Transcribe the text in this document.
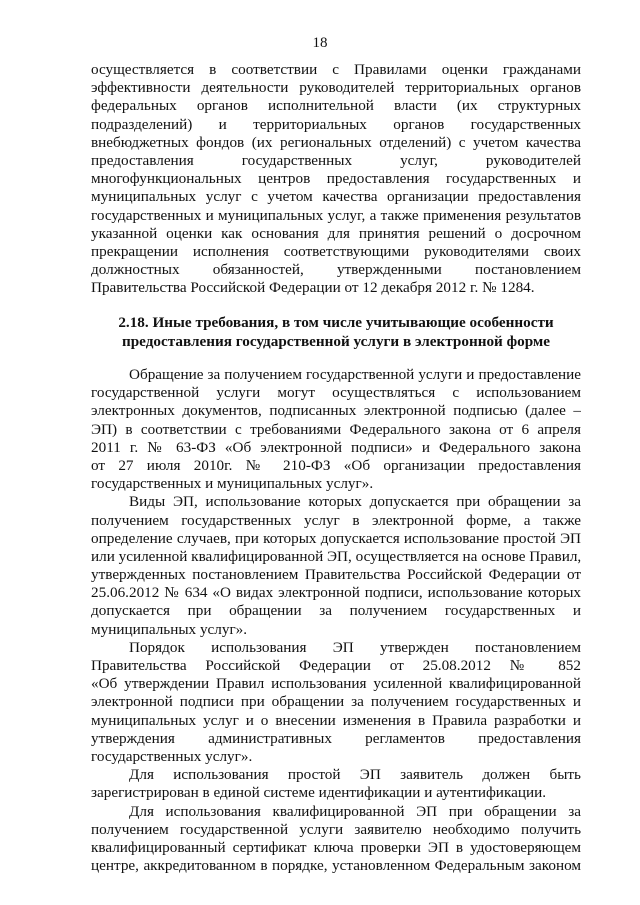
18
осуществляется в соответствии с Правилами оценки гражданами
эффективности деятельности руководителей территориальных органов
федеральных органов исполнительной власти (их структурных
подразделений) и территориальных органов государственных
внебюджетных фондов (их региональных отделений) с учетом качества
предоставления государственных услуг, руководителей
многофункциональных центров предоставления государственных и
муниципальных услуг с учетом качества организации предоставления
государственных и муниципальных услуг, а также применения результатов
указанной оценки как основания для принятия решений о досрочном
прекращении исполнения соответствующими руководителями своих
должностных обязанностей, утвержденными постановлением
Правительства Российской Федерации от 12 декабря 2012 г. № 1284.
2.18. Иные требования, в том числе учитывающие особенности
предоставления государственной услуги в электронной форме
Обращение за получением государственной услуги и предоставление
государственной услуги могут осуществляться с использованием
электронных документов, подписанных электронной подписью (далее –
ЭП) в соответствии с требованиями Федерального закона от 6 апреля
2011 г. № 63-ФЗ «Об электронной подписи» и Федерального закона
от 27 июля 2010г. № 210-ФЗ «Об организации предоставления
государственных и муниципальных услуг».
Виды ЭП, использование которых допускается при обращении за
получением государственных услуг в электронной форме, а также
определение случаев, при которых допускается использование простой ЭП
или усиленной квалифицированной ЭП, осуществляется на основе Правил,
утвержденных постановлением Правительства Российской Федерации от
25.06.2012 № 634 «О видах электронной подписи, использование которых
допускается при обращении за получением государственных и
муниципальных услуг».
Порядок использования ЭП утвержден постановлением
Правительства Российской Федерации от 25.08.2012 № 852
«Об утверждении Правил использования усиленной квалифицированной
электронной подписи при обращении за получением государственных и
муниципальных услуг и о внесении изменения в Правила разработки и
утверждения административных регламентов предоставления
государственных услуг».
Для использования простой ЭП заявитель должен быть
зарегистрирован в единой системе идентификации и аутентификации.
Для использования квалифицированной ЭП при обращении за
получением государственной услуги заявителю необходимо получить
квалифицированный сертификат ключа проверки ЭП в удостоверяющем
центре, аккредитованном в порядке, установленном Федеральным законом
